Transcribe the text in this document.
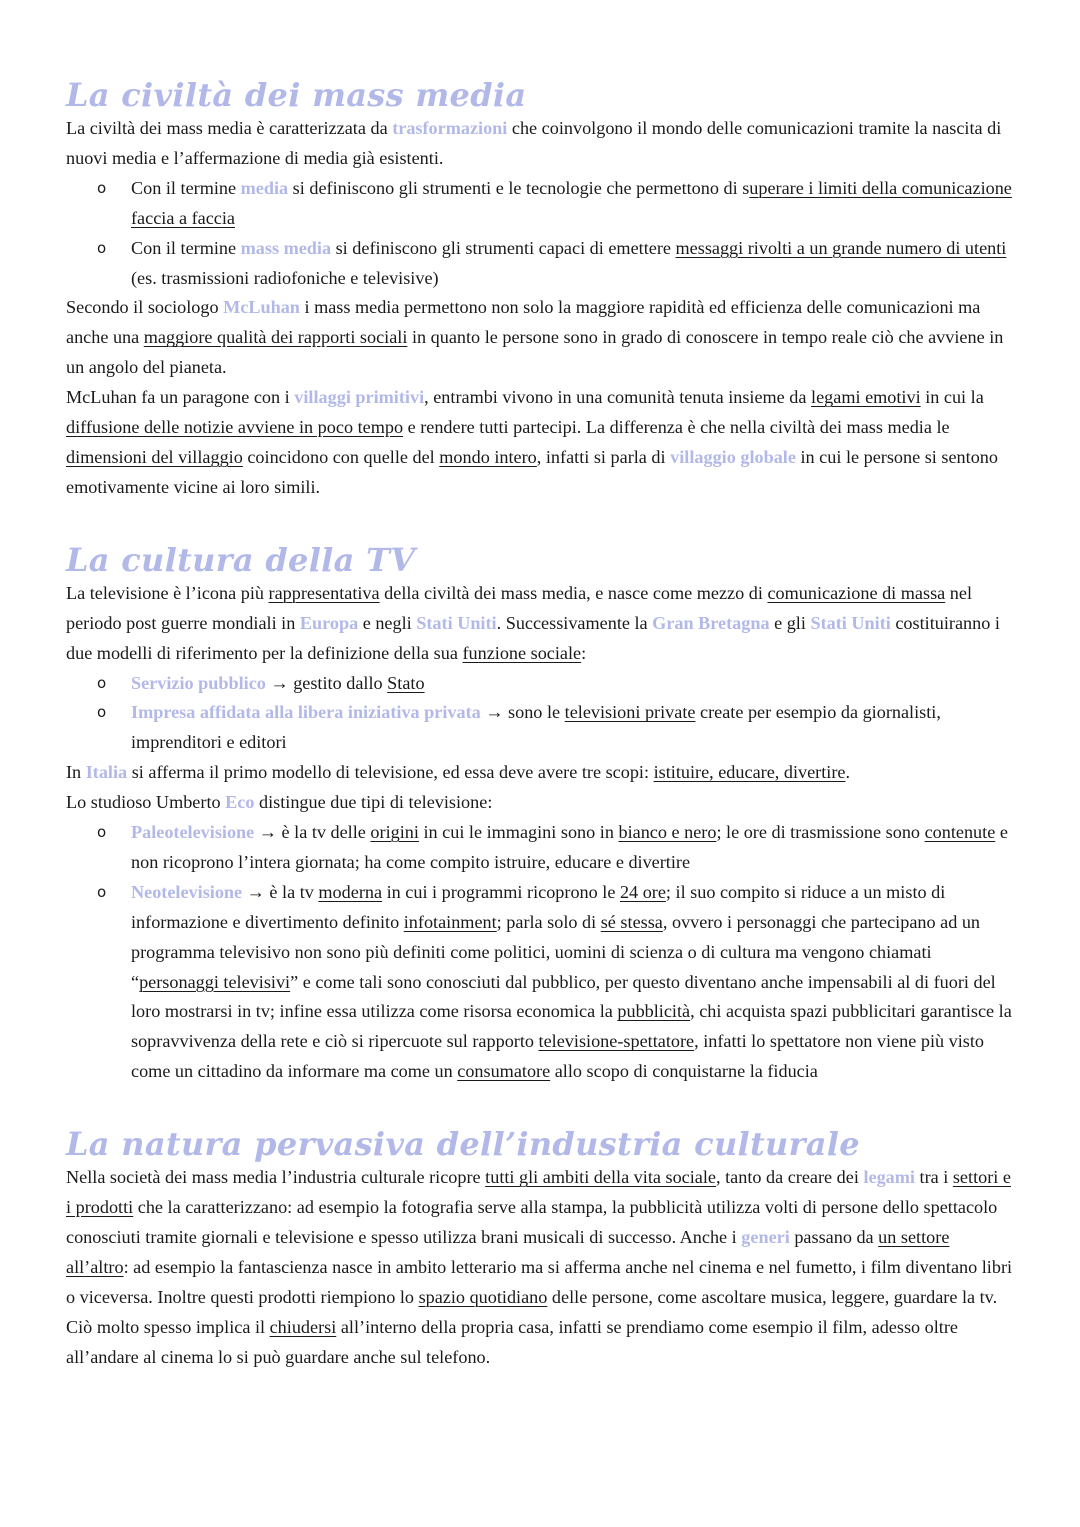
La civiltà dei mass media

La civiltà dei mass media è caratterizzata da trasformazioni che coinvolgono il mondo delle comunicazioni tramite la nascita di nuovi media e l’affermazione di media già esistenti.

o Con il termine media si definiscono gli strumenti e le tecnologie che permettono di superare i limiti della comunicazione faccia a faccia
o Con il termine mass media si definiscono gli strumenti capaci di emettere messaggi rivolti a un grande numero di utenti (es. trasmissioni radiofoniche e televisive)

Secondo il sociologo McLuhan i mass media permettono non solo la maggiore rapidità ed efficienza delle comunicazioni ma anche una maggiore qualità dei rapporti sociali in quanto le persone sono in grado di conoscere in tempo reale ciò che avviene in un angolo del pianeta.

McLuhan fa un paragone con i villaggi primitivi, entrambi vivono in una comunità tenuta insieme da legami emotivi in cui la diffusione delle notizie avviene in poco tempo e rendere tutti partecipi. La differenza è che nella civiltà dei mass media le dimensioni del villaggio coincidono con quelle del mondo intero, infatti si parla di villaggio globale in cui le persone si sentono emotivamente vicine ai loro simili.

La cultura della TV

La televisione è l’icona più rappresentativa della civiltà dei mass media, e nasce come mezzo di comunicazione di massa nel periodo post guerre mondiali in Europa e negli Stati Uniti. Successivamente la Gran Bretagna e gli Stati Uniti costituiranno i due modelli di riferimento per la definizione della sua funzione sociale:

o Servizio pubblico → gestito dallo Stato
o Impresa affidata alla libera iniziativa privata → sono le televisioni private create per esempio da giornalisti, imprenditori e editori

In Italia si afferma il primo modello di televisione, ed essa deve avere tre scopi: istituire, educare, divertire.

Lo studioso Umberto Eco distingue due tipi di televisione:

o Paleotelevisione → è la tv delle origini in cui le immagini sono in bianco e nero; le ore di trasmissione sono contenute e non ricoprono l’intera giornata; ha come compito istruire, educare e divertire
o Neotelevisione → è la tv moderna in cui i programmi ricoprono le 24 ore; il suo compito si riduce a un misto di informazione e divertimento definito infotainment; parla solo di sé stessa, ovvero i personaggi che partecipano ad un programma televisivo non sono più definiti come politici, uomini di scienza o di cultura ma vengono chiamati “personaggi televisivi” e come tali sono conosciuti dal pubblico, per questo diventano anche impensabili al di fuori del loro mostrarsi in tv; infine essa utilizza come risorsa economica la pubblicità, chi acquista spazi pubblicitari garantisce la sopravvivenza della rete e ciò si ripercuote sul rapporto televisione-spettatore, infatti lo spettatore non viene più visto come un cittadino da informare ma come un consumatore allo scopo di conquistarne la fiducia
La natura pervasiva dell’industria culturale

Nella società dei mass media l’industria culturale ricopre tutti gli ambiti della vita sociale, tanto da creare dei legami tra i settori e i prodotti che la caratterizzano: ad esempio la fotografia serve alla stampa, la pubblicità utilizza volti di persone dello spettacolo conosciuti tramite giornali e televisione e spesso utilizza brani musicali di successo. Anche i generi passano da un settore all’altro: ad esempio la fantascienza nasce in ambito letterario ma si afferma anche nel cinema e nel fumetto, i film diventano libri o viceversa. Inoltre questi prodotti riempiono lo spazio quotidiano delle persone, come ascoltare musica, leggere, guardare la tv. Ciò molto spesso implica il chiudersi all’interno della propria casa, infatti se prendiamo come esempio il film, adesso oltre all’andare al cinema lo si può guardare anche sul telefono.
